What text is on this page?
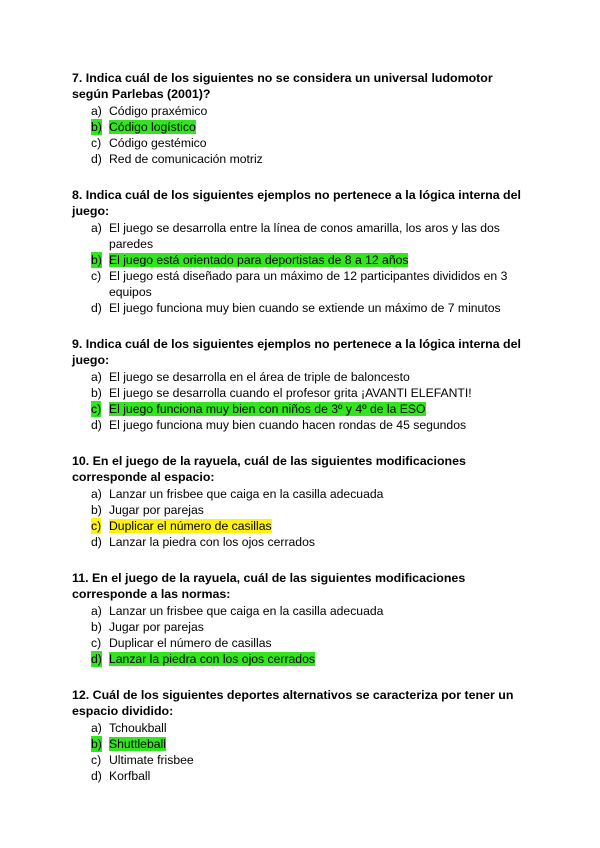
7. Indica cuál de los siguientes no se considera un universal ludomotor según Parlebas (2001)?
a) Código praxémico
b) Código logístico
c) Código gestémico
d) Red de comunicación motriz
8. Indica cuál de los siguientes ejemplos no pertenece a la lógica interna del juego:
a) El juego se desarrolla entre la línea de conos amarilla, los aros y las dos paredes
b) El juego está orientado para deportistas de 8 a 12 años
c) El juego está diseñado para un máximo de 12 participantes divididos en 3 equipos
d) El juego funciona muy bien cuando se extiende un máximo de 7 minutos
9. Indica cuál de los siguientes ejemplos no pertenece a la lógica interna del juego:
a) El juego se desarrolla en el área de triple de baloncesto
b) El juego se desarrolla cuando el profesor grita ¡AVANTI ELEFANTI!
c) El juego funciona muy bien con niños de 3º y 4º de la ESO
d) El juego funciona muy bien cuando hacen rondas de 45 segundos
10. En el juego de la rayuela, cuál de las siguientes modificaciones corresponde al espacio:
a) Lanzar un frisbee que caiga en la casilla adecuada
b) Jugar por parejas
c) Duplicar el número de casillas
d) Lanzar la piedra con los ojos cerrados
11. En el juego de la rayuela, cuál de las siguientes modificaciones corresponde a las normas:
a) Lanzar un frisbee que caiga en la casilla adecuada
b) Jugar por parejas
c) Duplicar el número de casillas
d) Lanzar la piedra con los ojos cerrados
12. Cuál de los siguientes deportes alternativos se caracteriza por tener un espacio dividido:
a) Tchoukball
b) Shuttleball
c) Ultimate frisbee
d) Korfball
